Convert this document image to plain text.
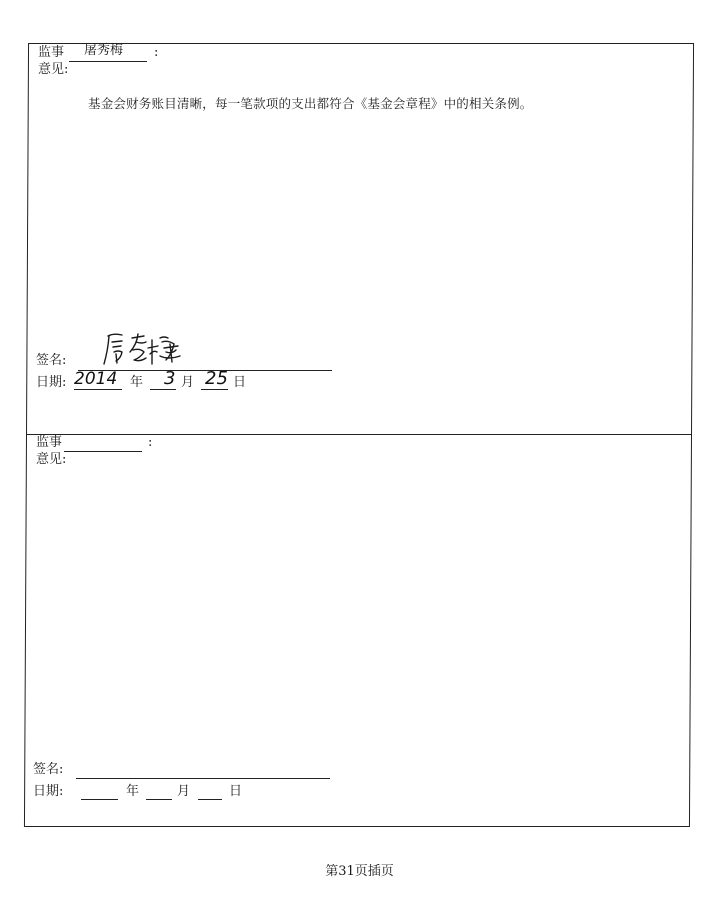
监事 屠秀梅 :
意见:
基金会财务账目清晰，每一笔款项的支出都符合《基金会章程》中的相关条例。
签名:
日期: 2014 年 3 月 25 日
监事	:
意见:
签名:
日期:	年	月	日
第31页插页
